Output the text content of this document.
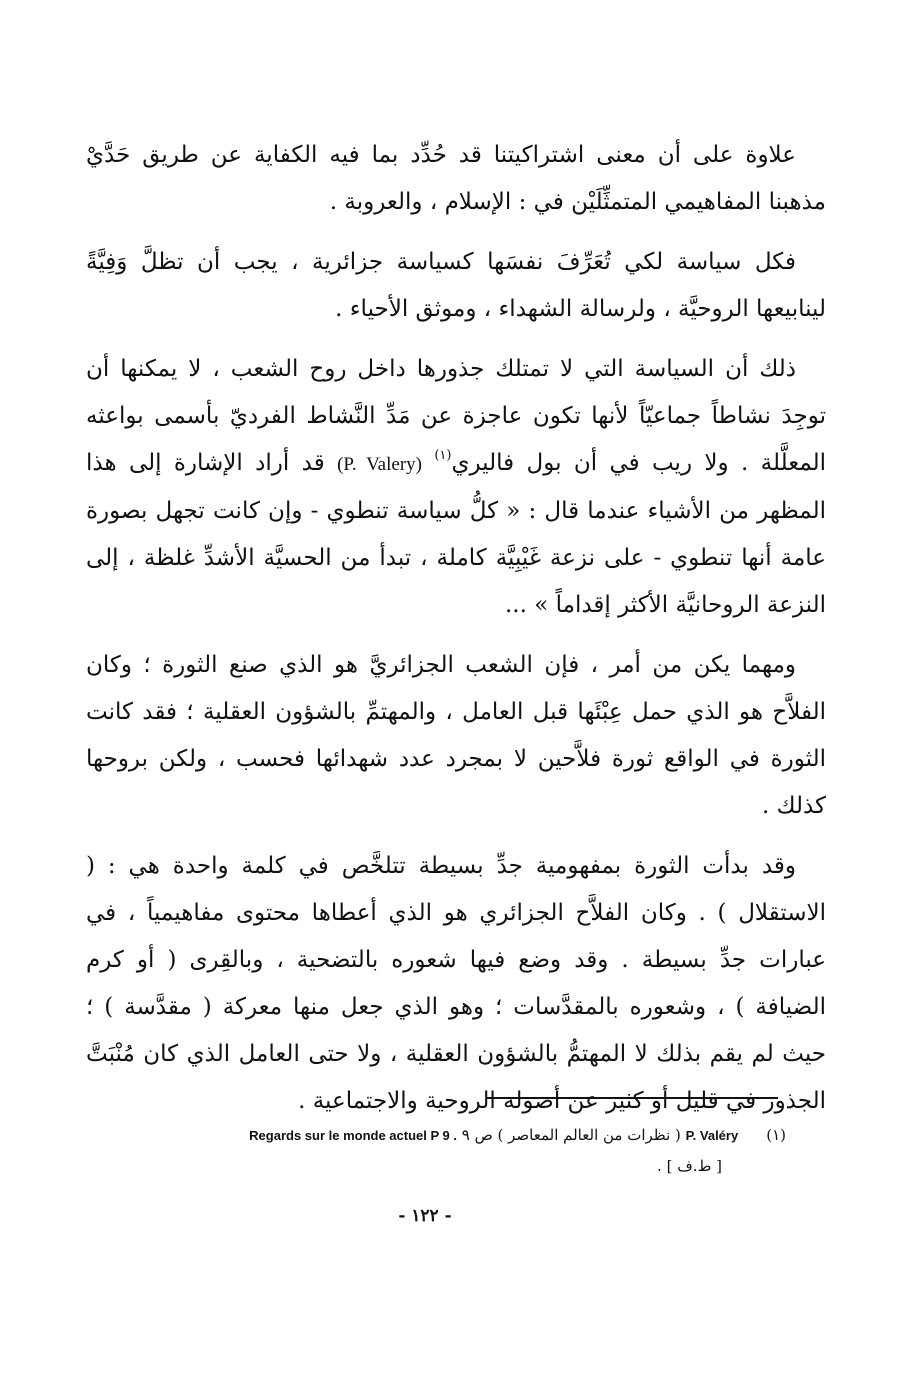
علاوة على أن معنى اشتراكيتنا قد حُدِّد بما فيه الكفاية عن طريق حَدَّيْ مذهبنا المفاهيمي المتمثِّلَيْن في : الإسلام ، والعروبة .

فكل سياسة لكي تُعَرِّفَ نفسَها كسياسة جزائرية ، يجب أن تظلَّ وَفِيَّةً لينابيعها الروحيَّة ، ولرسالة الشهداء ، وموثق الأحياء .

ذلك أن السياسة التي لا تمتلك جذورها داخل روح الشعب ، لا يمكنها أن توجِدَ نشاطاً جماعيّاً لأنها تكون عاجزة عن مَدِّ النَّشاط الفرديّ بأسمى بواعثه المعلَّلة . ولا ريب في أن بول فاليري$^{(١)}$ (P. Valery) قد أراد الإشارة إلى هذا المظهر من الأشياء عندما قال : « كلُّ سياسة تنطوي - وإن كانت تجهل بصورة عامة أنها تنطوي - على نزعة غَيْبِيَّة كاملة ، تبدأ من الحسيَّة الأشدِّ غلظة ، إلى النزعة الروحانيَّة الأكثر إقداماً » ...

ومهما يكن من أمر ، فإن الشعب الجزائريَّ هو الذي صنع الثورة ؛ وكان الفلاَّح هو الذي حمل عِبْئَها قبل العامل ، والمهتمِّ بالشؤون العقلية ؛ فقد كانت الثورة في الواقع ثورة فلاَّحين لا بمجرد عدد شهدائها فحسب ، ولكن بروحها كذلك .

وقد بدأت الثورة بمفهومية جدِّ بسيطة تتلخَّص في كلمة واحدة هي : ( الاستقلال ) . وكان الفلاَّح الجزائري هو الذي أعطاها محتوى مفاهيمياً ، في عبارات جدِّ بسيطة . وقد وضع فيها شعوره بالتضحية ، وبالقِرى ( أو كرم الضيافة ) ، وشعوره بالمقدَّسات ؛ وهو الذي جعل منها معركة ( مقدَّسة ) ؛ حيث لم يقم بذلك لا المهتمُّ بالشؤون العقلية ، ولا حتى العامل الذي كان مُنْبَتَّ الجذور في قليل أو كثير عن أصوله الروحية والاجتماعية .

(١)P. Valéry ( نظرات من العالم المعاصر ) ص ٩ Regards sur le monde actuel P 9 .
[ ط.ف ] .
- ١٢٢ -
